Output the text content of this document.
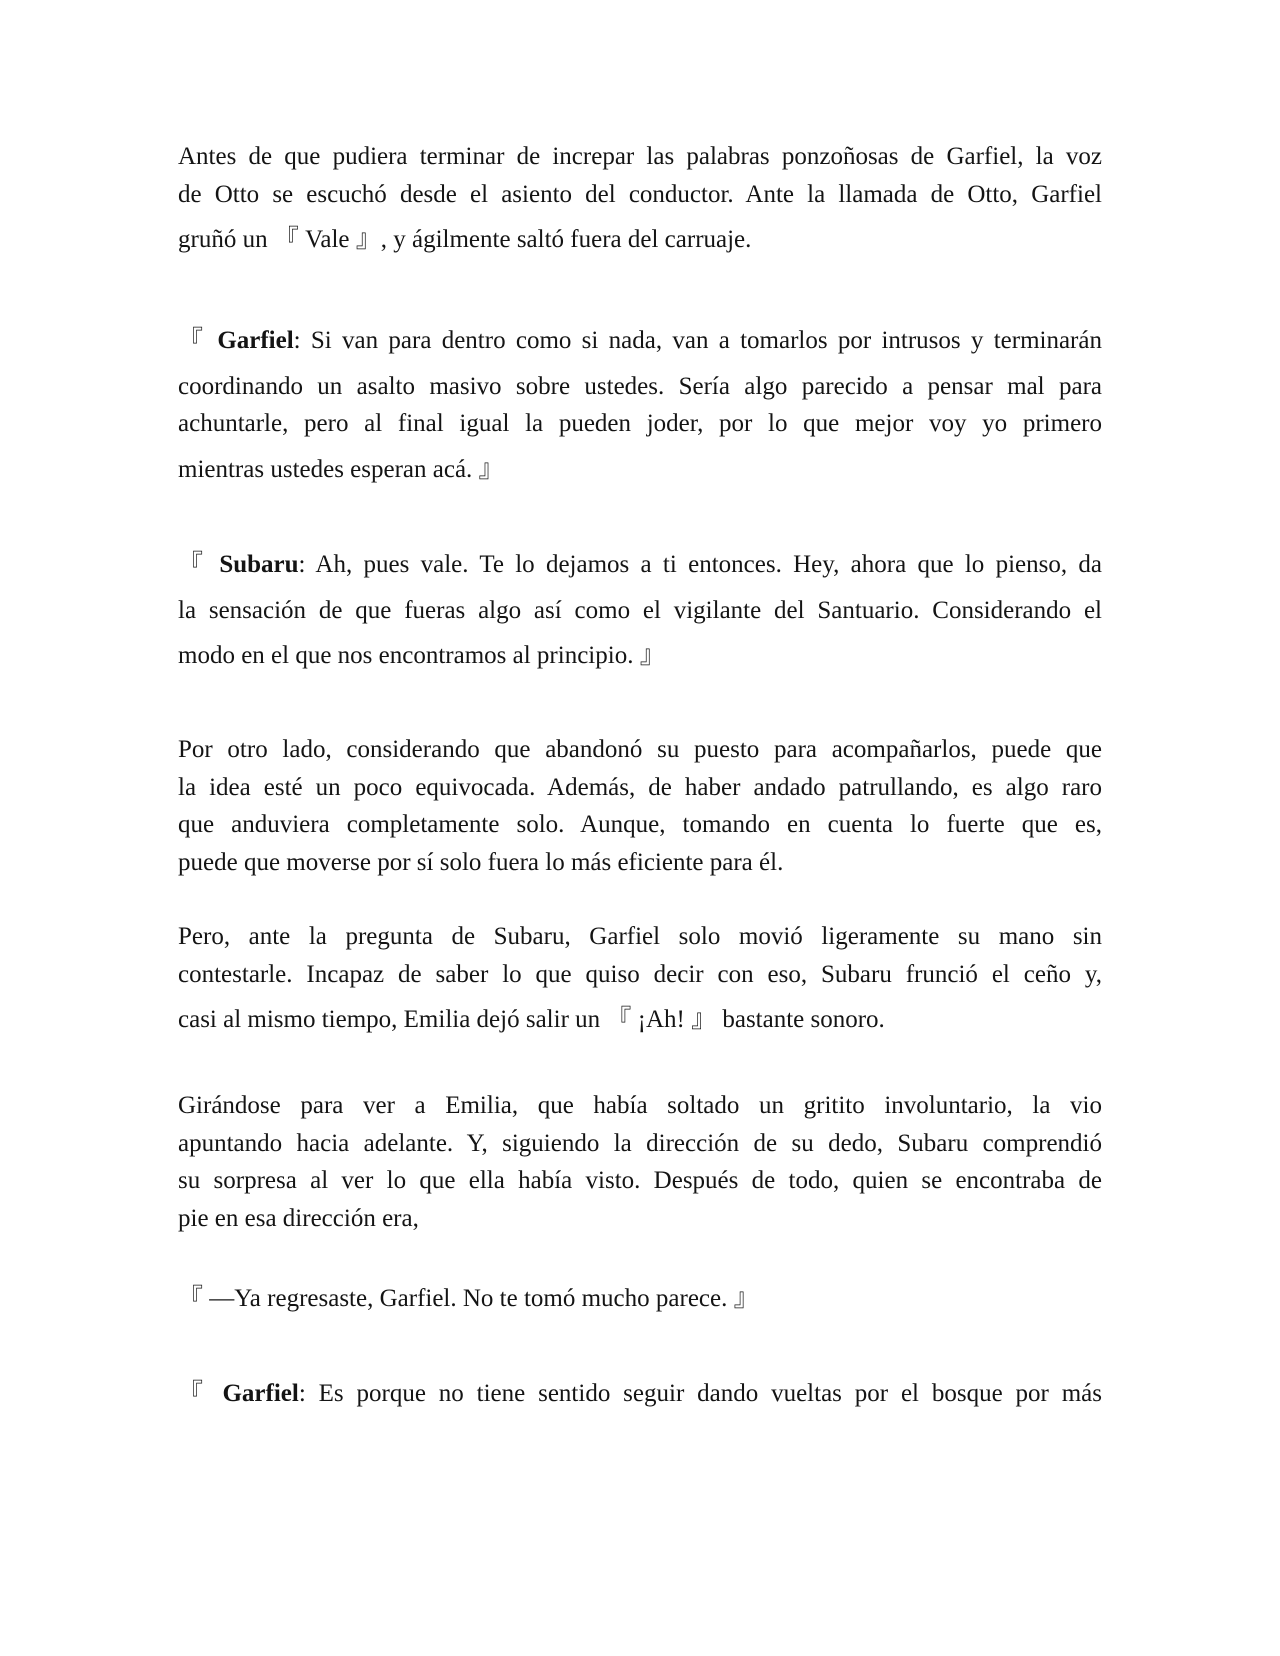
Antes de que pudiera terminar de increpar las palabras ponzoñosas de Garfiel, la voz
de Otto se escuchó desde el asiento del conductor. Ante la llamada de Otto, Garfiel
gruñó un 『 Vale 』, y ágilmente saltó fuera del carruaje.
『 Garfiel: Si van para dentro como si nada, van a tomarlos por intrusos y terminarán
coordinando un asalto masivo sobre ustedes. Sería algo parecido a pensar mal para
achuntarle, pero al final igual la pueden joder, por lo que mejor voy yo primero
mientras ustedes esperan acá. 』
『 Subaru: Ah, pues vale. Te lo dejamos a ti entonces. Hey, ahora que lo pienso, da
la sensación de que fueras algo así como el vigilante del Santuario. Considerando el
modo en el que nos encontramos al principio. 』
Por otro lado, considerando que abandonó su puesto para acompañarlos, puede que
la idea esté un poco equivocada. Además, de haber andado patrullando, es algo raro
que anduviera completamente solo. Aunque, tomando en cuenta lo fuerte que es,
puede que moverse por sí solo fuera lo más eficiente para él.
Pero, ante la pregunta de Subaru, Garfiel solo movió ligeramente su mano sin
contestarle. Incapaz de saber lo que quiso decir con eso, Subaru frunció el ceño y,
casi al mismo tiempo, Emilia dejó salir un 『 ¡Ah! 』 bastante sonoro.
Girándose para ver a Emilia, que había soltado un gritito involuntario, la vio
apuntando hacia adelante. Y, siguiendo la dirección de su dedo, Subaru comprendió
su sorpresa al ver lo que ella había visto. Después de todo, quien se encontraba de
pie en esa dirección era,
『 —Ya regresaste, Garfiel. No te tomó mucho parece. 』
『 Garfiel: Es porque no tiene sentido seguir dando vueltas por el bosque por más
